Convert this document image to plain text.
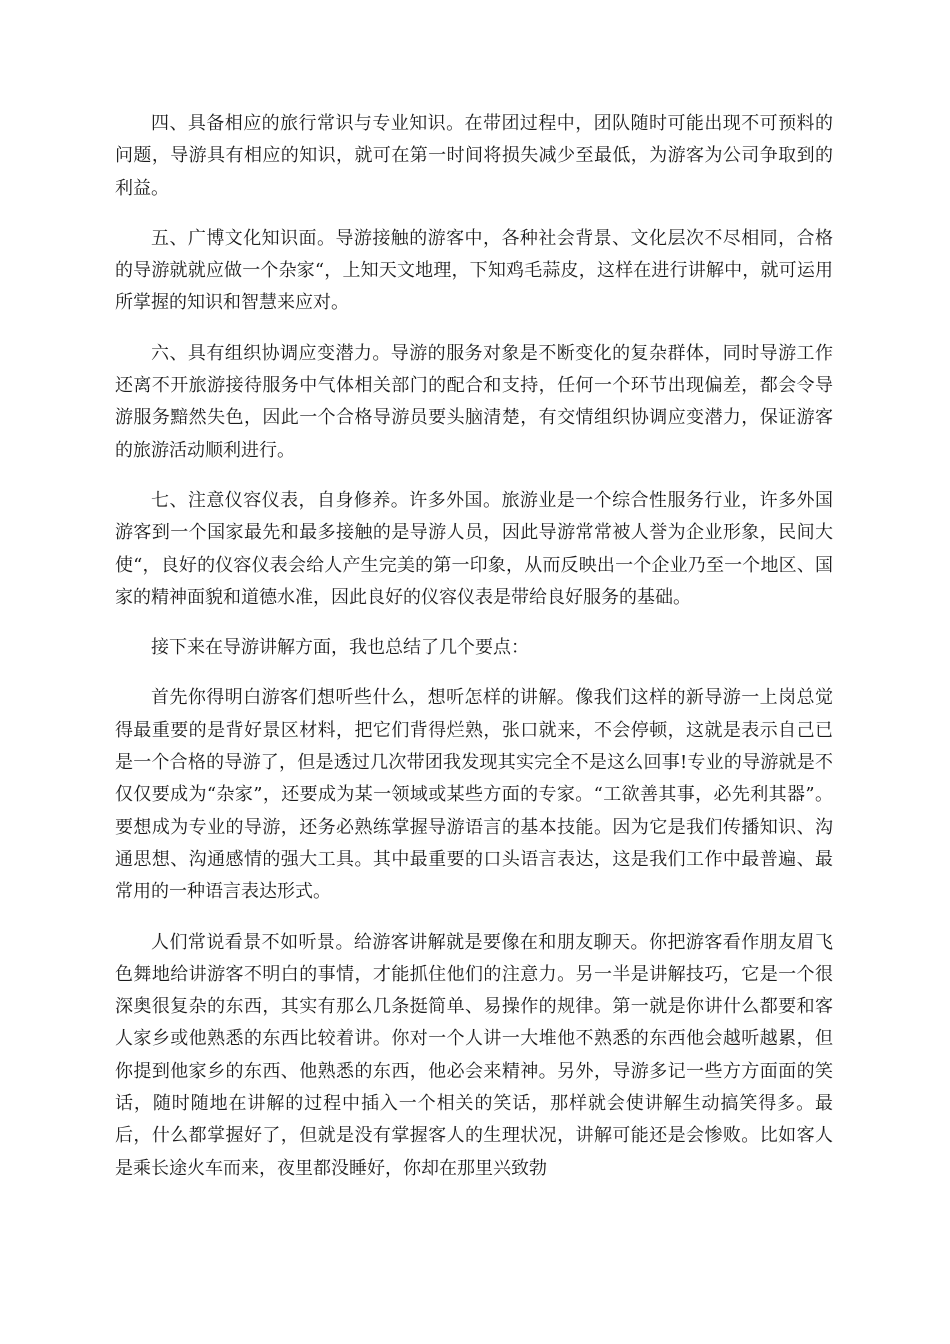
四、具备相应的旅行常识与专业知识。在带团过程中，团队随时可能出现不可预料的问题，导游具有相应的知识，就可在第一时间将损失减少至最低，为游客为公司争取到的利益。

五、广博文化知识面。导游接触的游客中，各种社会背景、文化层次不尽相同，合格的导游就就应做一个杂家“，上知天文地理，下知鸡毛蒜皮，这样在进行讲解中，就可运用所掌握的知识和智慧来应对。

六、具有组织协调应变潜力。导游的服务对象是不断变化的复杂群体，同时导游工作还离不开旅游接待服务中气体相关部门的配合和支持，任何一个环节出现偏差，都会令导游服务黯然失色，因此一个合格导游员要头脑清楚，有交情组织协调应变潜力，保证游客的旅游活动顺利进行。

七、注意仪容仪表，自身修养。许多外国。旅游业是一个综合性服务行业，许多外国游客到一个国家最先和最多接触的是导游人员，因此导游常常被人誉为企业形象，民间大使“，良好的仪容仪表会给人产生完美的第一印象，从而反映出一个企业乃至一个地区、国家的精神面貌和道德水准，因此良好的仪容仪表是带给良好服务的基础。

接下来在导游讲解方面，我也总结了几个要点：

首先你得明白游客们想听些什么，想听怎样的讲解。像我们这样的新导游一上岗总觉得最重要的是背好景区材料，把它们背得烂熟，张口就来，不会停顿，这就是表示自己已是一个合格的导游了，但是透过几次带团我发现其实完全不是这么回事!专业的导游就是不仅仅要成为“杂家”，还要成为某一领域或某些方面的专家。“工欲善其事，必先利其器”。要想成为专业的导游，还务必熟练掌握导游语言的基本技能。因为它是我们传播知识、沟通思想、沟通感情的强大工具。其中最重要的口头语言表达，这是我们工作中最普遍、最常用的一种语言表达形式。

人们常说看景不如听景。给游客讲解就是要像在和朋友聊天。你把游客看作朋友眉飞色舞地给讲游客不明白的事情，才能抓住他们的注意力。另一半是讲解技巧，它是一个很深奥很复杂的东西，其实有那么几条挺简单、易操作的规律。第一就是你讲什么都要和客人家乡或他熟悉的东西比较着讲。你对一个人讲一大堆他不熟悉的东西他会越听越累，但你提到他家乡的东西、他熟悉的东西，他必会来精神。另外，导游多记一些方方面面的笑话，随时随地在讲解的过程中插入一个相关的笑话，那样就会使讲解生动搞笑得多。最后，什么都掌握好了，但就是没有掌握客人的生理状况，讲解可能还是会惨败。比如客人是乘长途火车而来，夜里都没睡好，你却在那里兴致勃
